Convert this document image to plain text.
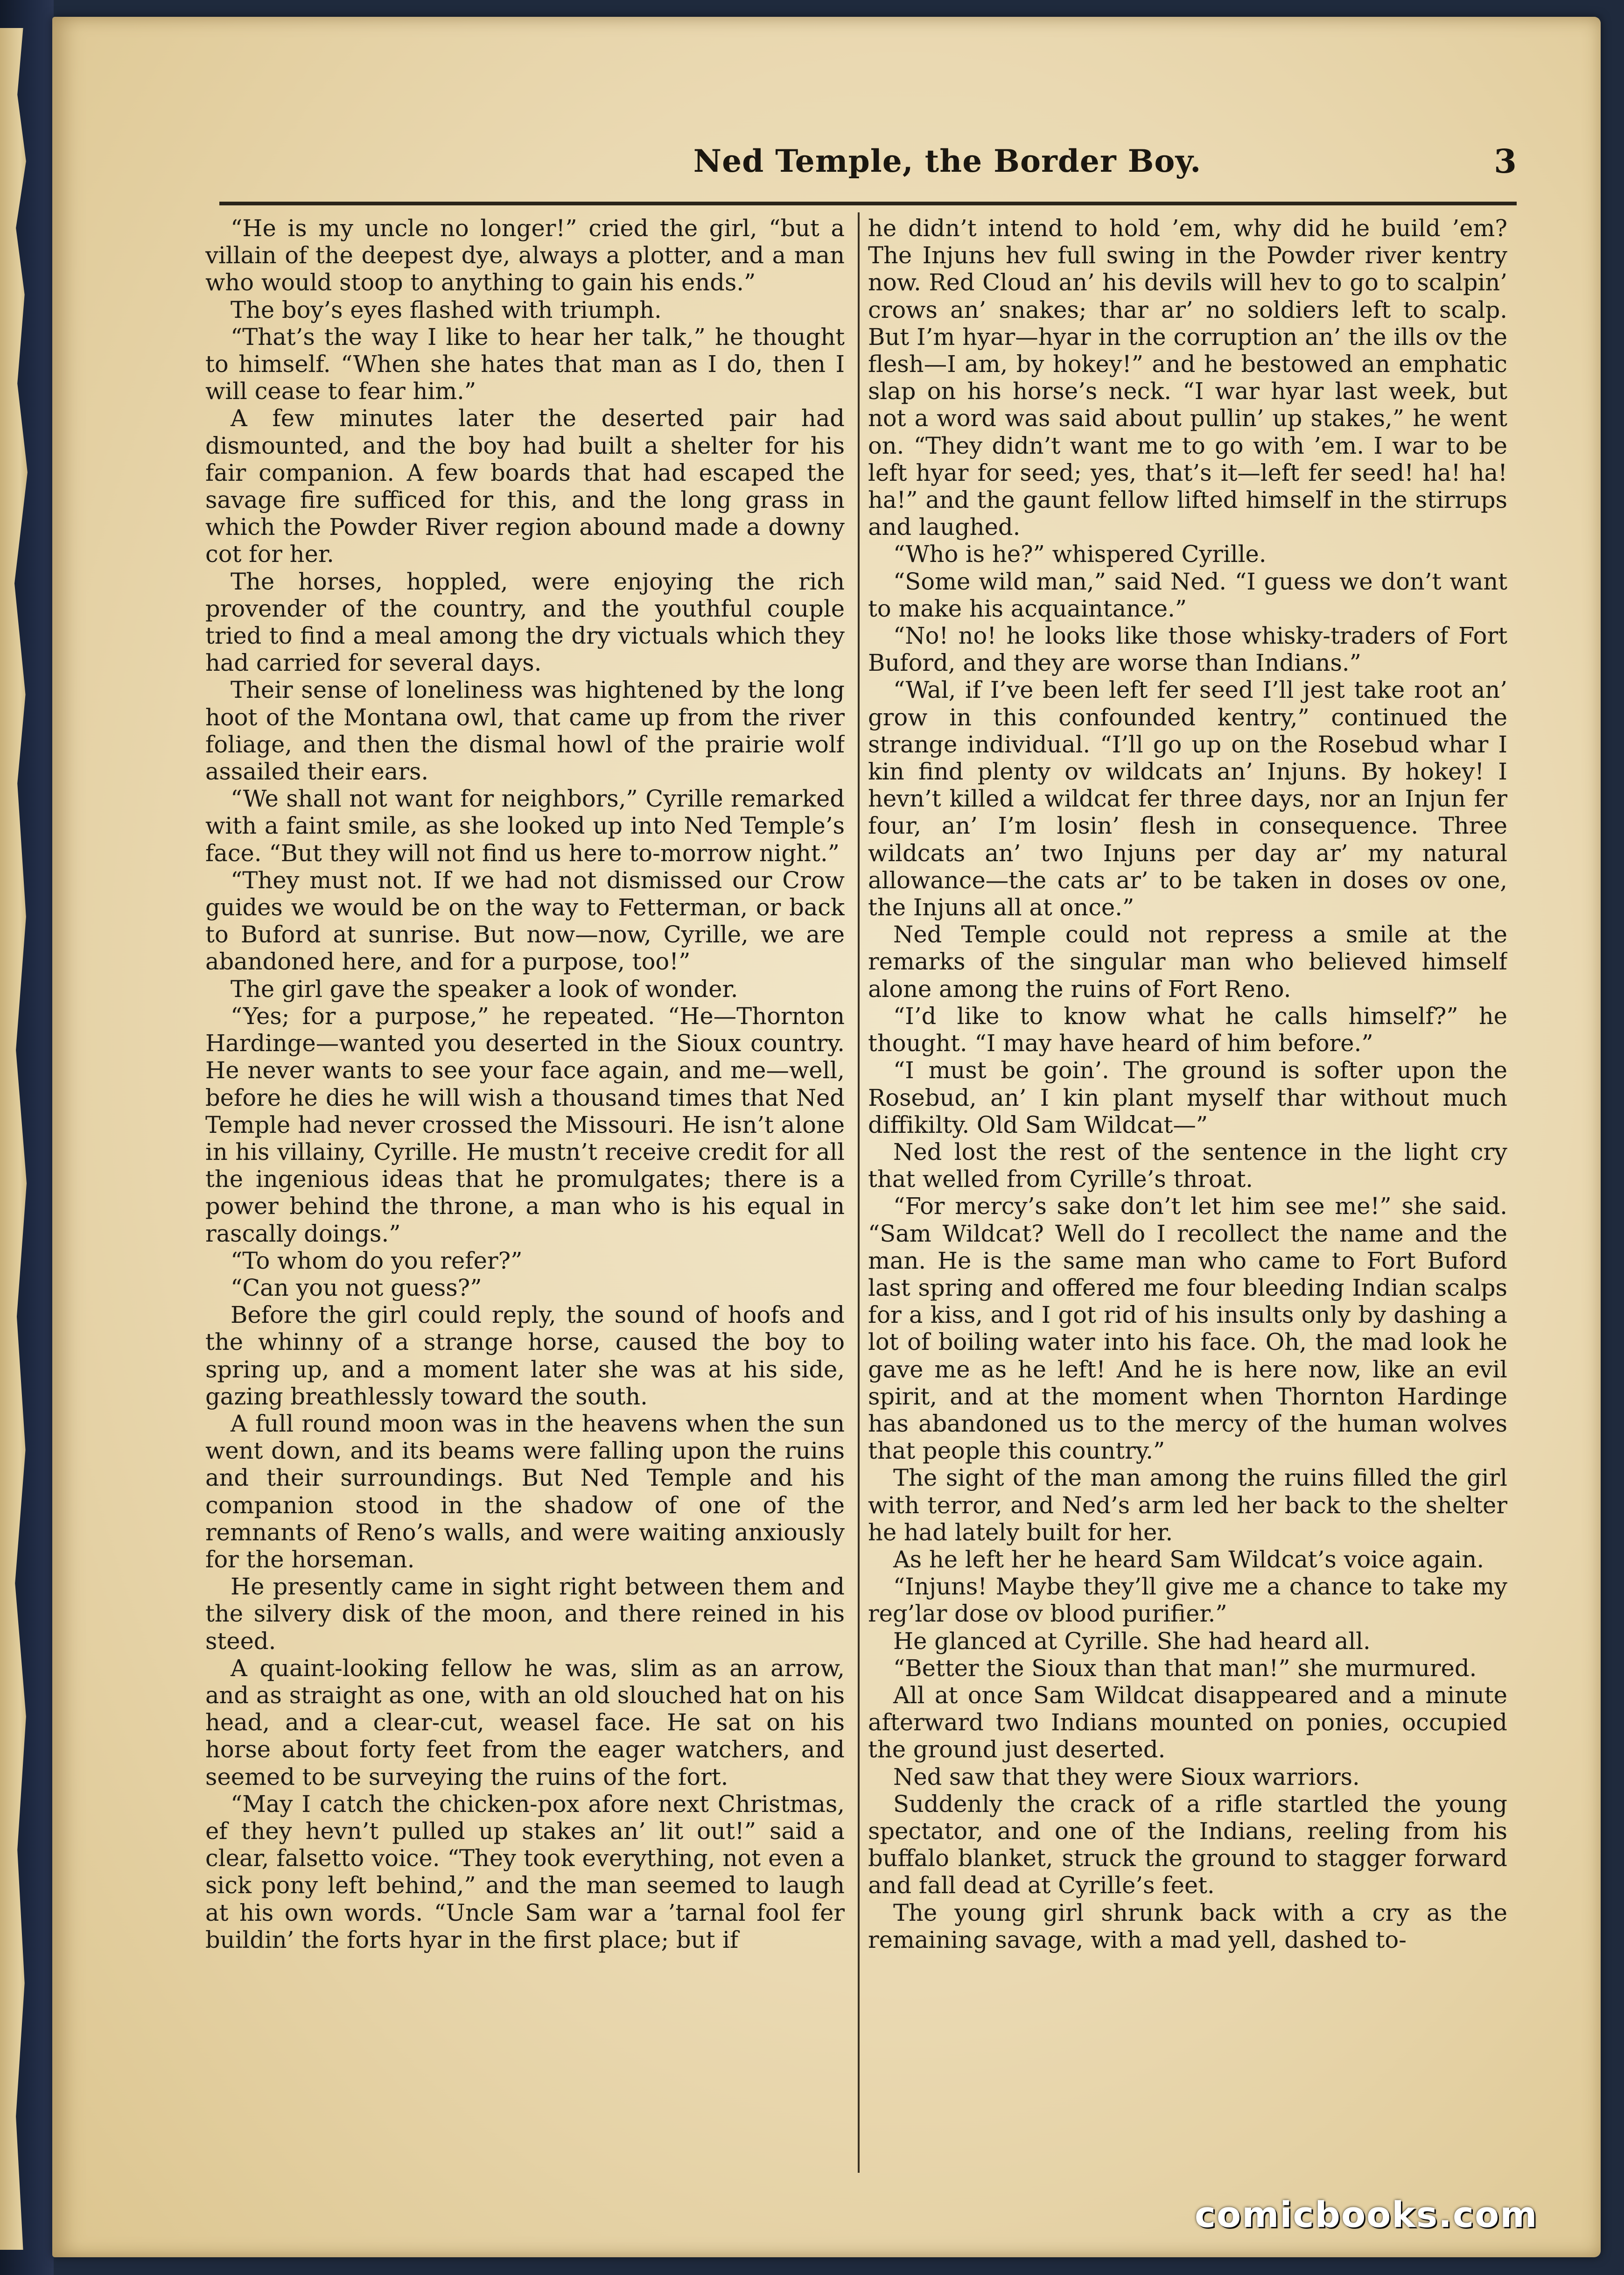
Ned Temple, the Border Boy.	3

“He is my uncle no longer!” cried the girl, “but a villain of the deepest dye, always a plotter, and a man who would stoop to anything to gain his ends.”

The boy’s eyes flashed with triumph.

“That’s the way I like to hear her talk,” he thought to himself. “When she hates that man as I do, then I will cease to fear him.”

A few minutes later the deserted pair had dismounted, and the boy had built a shelter for his fair companion. A few boards that had escaped the savage fire sufficed for this, and the long grass in which the Powder River region abound made a downy cot for her.

The horses, hoppled, were enjoying the rich provender of the country, and the youthful couple tried to find a meal among the dry victuals which they had carried for several days.

Their sense of loneliness was hightened by the long hoot of the Montana owl, that came up from the river foliage, and then the dismal howl of the prairie wolf assailed their ears.

“We shall not want for neighbors,” Cyrille remarked with a faint smile, as she looked up into Ned Temple’s face. “But they will not find us here to-morrow night.”

“They must not. If we had not dismissed our Crow guides we would be on the way to Fetterman, or back to Buford at sunrise. But now—now, Cyrille, we are abandoned here, and for a purpose, too!”

The girl gave the speaker a look of wonder.

“Yes; for a purpose,” he repeated. “He—Thornton Hardinge—wanted you deserted in the Sioux country. He never wants to see your face again, and me—well, before he dies he will wish a thousand times that Ned Temple had never crossed the Missouri. He isn’t alone in his villainy, Cyrille. He mustn’t receive credit for all the ingenious ideas that he promulgates; there is a power behind the throne, a man who is his equal in rascally doings.”

“To whom do you refer?”

“Can you not guess?”

Before the girl could reply, the sound of hoofs and the whinny of a strange horse, caused the boy to spring up, and a moment later she was at his side, gazing breathlessly toward the south.

A full round moon was in the heavens when the sun went down, and its beams were falling upon the ruins and their surroundings. But Ned Temple and his companion stood in the shadow of one of the remnants of Reno’s walls, and were waiting anxiously for the horseman.

He presently came in sight right between them and the silvery disk of the moon, and there reined in his steed.

A quaint-looking fellow he was, slim as an arrow, and as straight as one, with an old slouched hat on his head, and a clear-cut, weasel face. He sat on his horse about forty feet from the eager watchers, and seemed to be surveying the ruins of the fort.

“May I catch the chicken-pox afore next Christmas, ef they hevn’t pulled up stakes an’ lit out!” said a clear, falsetto voice. “They took everything, not even a sick pony left behind,” and the man seemed to laugh at his own words. “Uncle Sam war a ’tarnal fool fer buildin’ the forts hyar in the first place; but if

he didn’t intend to hold ’em, why did he build ’em? The Injuns hev full swing in the Powder river kentry now. Red Cloud an’ his devils will hev to go to scalpin’ crows an’ snakes; thar ar’ no soldiers left to scalp. But I’m hyar—hyar in the corruption an’ the ills ov the flesh—I am, by hokey!” and he bestowed an emphatic slap on his horse’s neck. “I war hyar last week, but not a word was said about pullin’ up stakes,” he went on. “They didn’t want me to go with ’em. I war to be left hyar for seed; yes, that’s it—left fer seed! ha! ha! ha!” and the gaunt fellow lifted himself in the stirrups and laughed.

“Who is he?” whispered Cyrille.

“Some wild man,” said Ned. “I guess we don’t want to make his acquaintance.”

“No! no! he looks like those whisky-traders of Fort Buford, and they are worse than Indians.”

“Wal, if I’ve been left fer seed I’ll jest take root an’ grow in this confounded kentry,” continued the strange individual. “I’ll go up on the Rosebud whar I kin find plenty ov wildcats an’ Injuns. By hokey! I hevn’t killed a wildcat fer three days, nor an Injun fer four, an’ I’m losin’ flesh in consequence. Three wildcats an’ two Injuns per day ar’ my natural allowance—the cats ar’ to be taken in doses ov one, the Injuns all at once.”

Ned Temple could not repress a smile at the remarks of the singular man who believed himself alone among the ruins of Fort Reno.

“I’d like to know what he calls himself?” he thought. “I may have heard of him before.”

“I must be goin’. The ground is softer upon the Rosebud, an’ I kin plant myself thar without much diffikilty. Old Sam Wildcat—”

Ned lost the rest of the sentence in the light cry that welled from Cyrille’s throat.

“For mercy’s sake don’t let him see me!” she said. “Sam Wildcat? Well do I recollect the name and the man. He is the same man who came to Fort Buford last spring and offered me four bleeding Indian scalps for a kiss, and I got rid of his insults only by dashing a lot of boiling water into his face. Oh, the mad look he gave me as he left! And he is here now, like an evil spirit, and at the moment when Thornton Hardinge has abandoned us to the mercy of the human wolves that people this country.”

The sight of the man among the ruins filled the girl with terror, and Ned’s arm led her back to the shelter he had lately built for her.

As he left her he heard Sam Wildcat’s voice again.

“Injuns! Maybe they’ll give me a chance to take my reg’lar dose ov blood purifier.”

He glanced at Cyrille. She had heard all.

“Better the Sioux than that man!” she murmured.

All at once Sam Wildcat disappeared and a minute afterward two Indians mounted on ponies, occupied the ground just deserted.

Ned saw that they were Sioux warriors.

Suddenly the crack of a rifle startled the young spectator, and one of the Indians, reeling from his buffalo blanket, struck the ground to stagger forward and fall dead at Cyrille’s feet.

The young girl shrunk back with a cry as the remaining savage, with a mad yell, dashed to-

comicbooks.com
